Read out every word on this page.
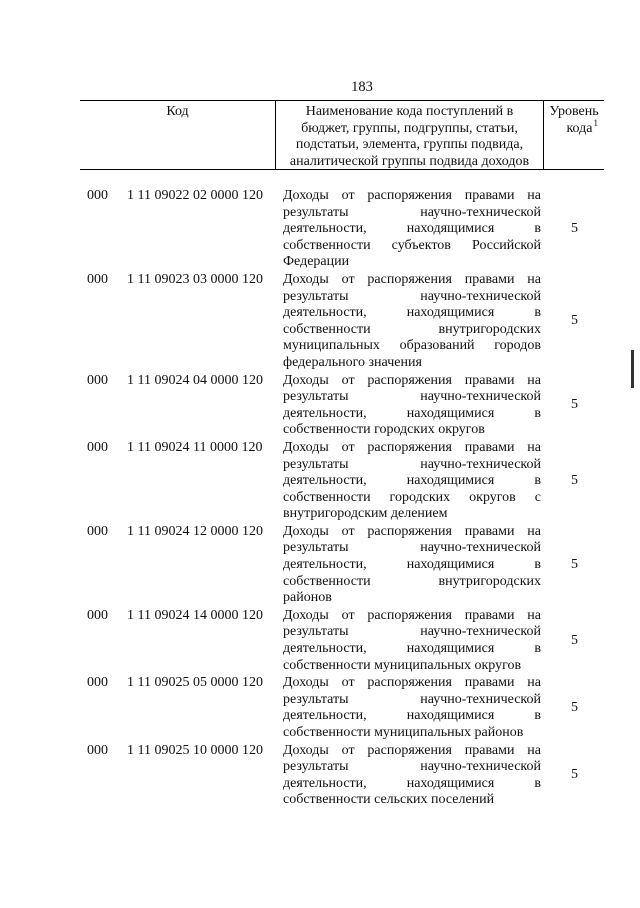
183
Код	Наименование кода поступлений в
бюджет, группы, подгруппы, статьи,
подстатьи, элемента, группы подвида,
аналитической группы подвида доходов
Уровень
кода$^1$
000	1 11 09022 02 0000 120	Доходы от распоряжения правами на
результаты научно-технической
деятельности, находящимися в
собственности субъектов Российской
Федерации
5
000	1 11 09023 03 0000 120	Доходы от распоряжения правами на
результаты научно-технической
деятельности, находящимися в
собственности внутригородских
муниципальных образований городов
федерального значения
5
000	1 11 09024 04 0000 120	Доходы от распоряжения правами на
результаты научно-технической
деятельности, находящимися в
собственности городских округов
5
000	1 11 09024 11 0000 120	Доходы от распоряжения правами на
результаты научно-технической
деятельности, находящимися в
собственности городских округов с
внутригородским делением
5
000	1 11 09024 12 0000 120	Доходы от распоряжения правами на
результаты научно-технической
деятельности, находящимися в
собственности внутригородских
районов
5
000	1 11 09024 14 0000 120	Доходы от распоряжения правами на
результаты научно-технической
деятельности, находящимися в
собственности муниципальных округов
5
000	1 11 09025 05 0000 120	Доходы от распоряжения правами на
результаты научно-технической
деятельности, находящимися в
собственности муниципальных районов
5
000	1 11 09025 10 0000 120	Доходы от распоряжения правами на
результаты научно-технической
деятельности, находящимися в
собственности сельских поселений
5
